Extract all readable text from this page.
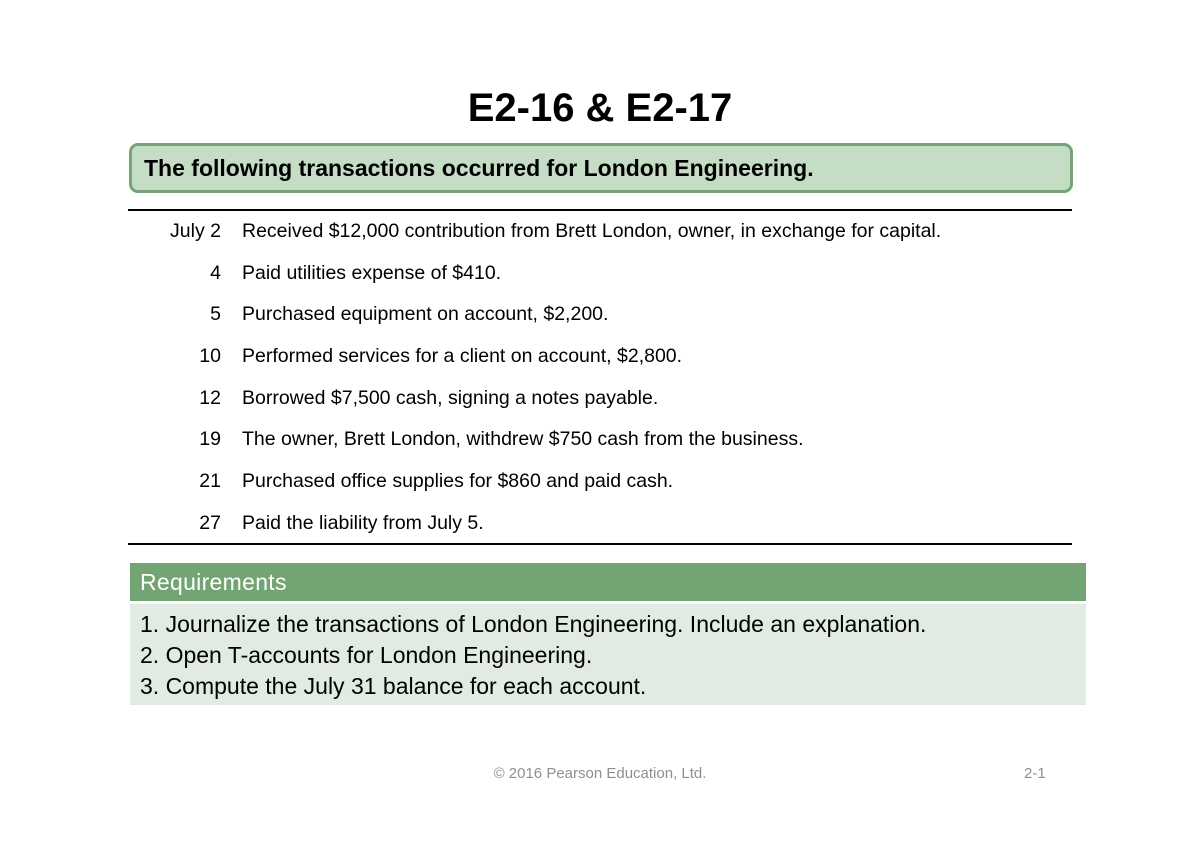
E2-16 & E2-17
The following transactions occurred for London Engineering.
July 2 Received $12,000 contribution from Brett London, owner, in exchange for capital.
4 Paid utilities expense of $410.
5 Purchased equipment on account, $2,200.
10 Performed services for a client on account, $2,800.
12 Borrowed $7,500 cash, signing a notes payable.
19 The owner, Brett London, withdrew $750 cash from the business.
21 Purchased office supplies for $860 and paid cash.
27 Paid the liability from July 5.
Requirements
1. Journalize the transactions of London Engineering. Include an explanation.
2. Open T-accounts for London Engineering.
3. Compute the July 31 balance for each account.
© 2016 Pearson Education, Ltd.	2-1
